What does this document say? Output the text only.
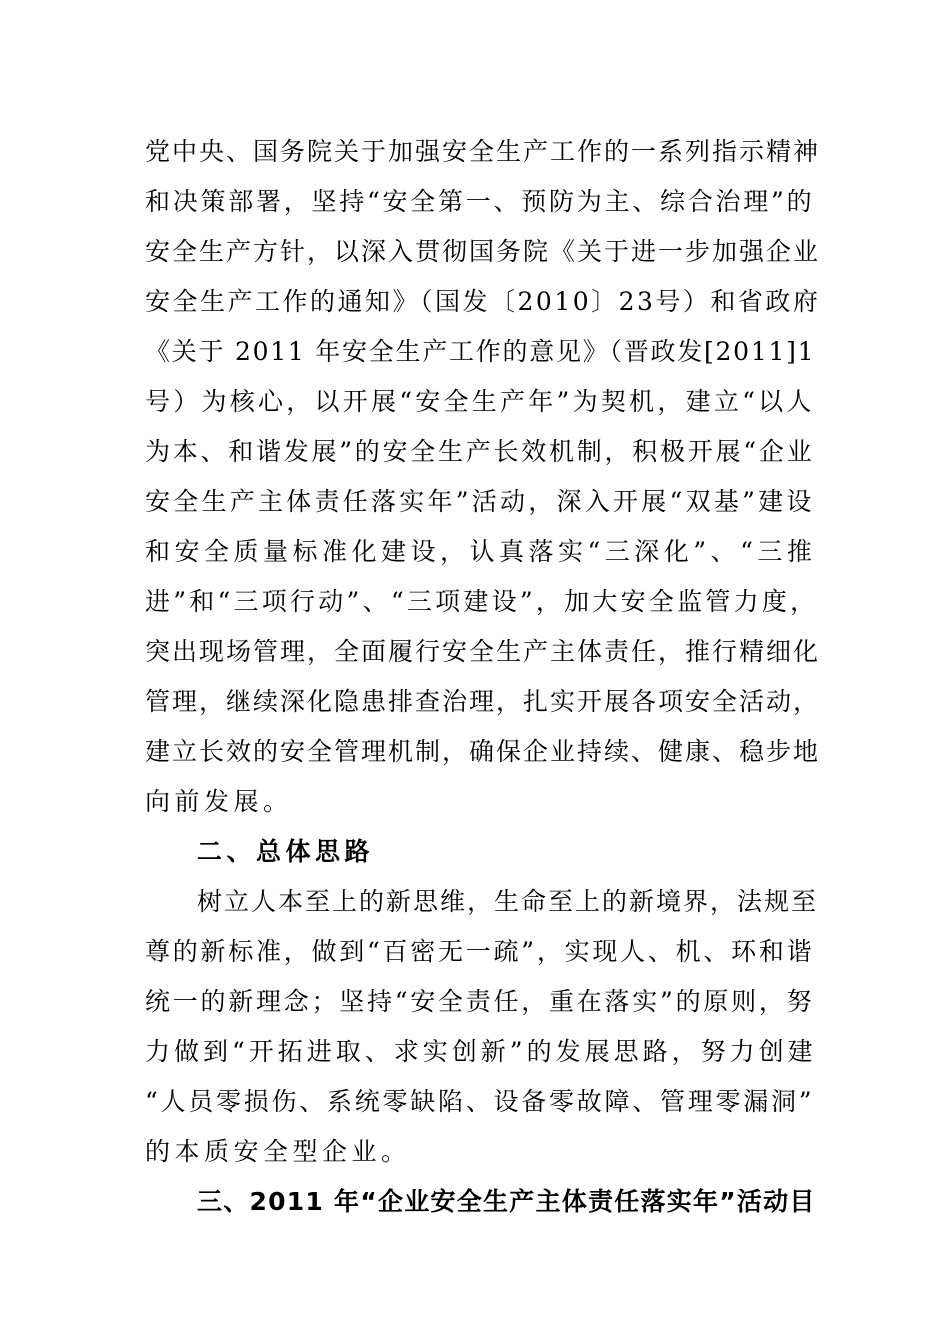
党中央、国务院关于加强安全生产工作的一系列指示精神
和决策部署，坚持“安全第一、预防为主、综合治理”的
安全生产方针，以深入贯彻国务院《关于进一步加强企业
安全生产工作的通知》（国发〔2010〕23号）和省政府
《关于 2011 年安全生产工作的意见》（晋政发[2011]1
号）为核心，以开展“安全生产年”为契机，建立“以人
为本、和谐发展”的安全生产长效机制，积极开展“企业
安全生产主体责任落实年”活动，深入开展“双基”建设
和安全质量标准化建设，认真落实“三深化”、“三推
进”和“三项行动”、“三项建设”，加大安全监管力度，
突出现场管理，全面履行安全生产主体责任，推行精细化
管理，继续深化隐患排查治理，扎实开展各项安全活动，
建立长效的安全管理机制，确保企业持续、健康、稳步地
向前发展。
二、总体思路
树立人本至上的新思维，生命至上的新境界，法规至
尊的新标准，做到“百密无一疏”，实现人、机、环和谐
统一的新理念；坚持“安全责任，重在落实”的原则，努
力做到“开拓进取、求实创新”的发展思路，努力创建
“人员零损伤、系统零缺陷、设备零故障、管理零漏洞”
的本质安全型企业。
三、2011 年“企业安全生产主体责任落实年”活动目
